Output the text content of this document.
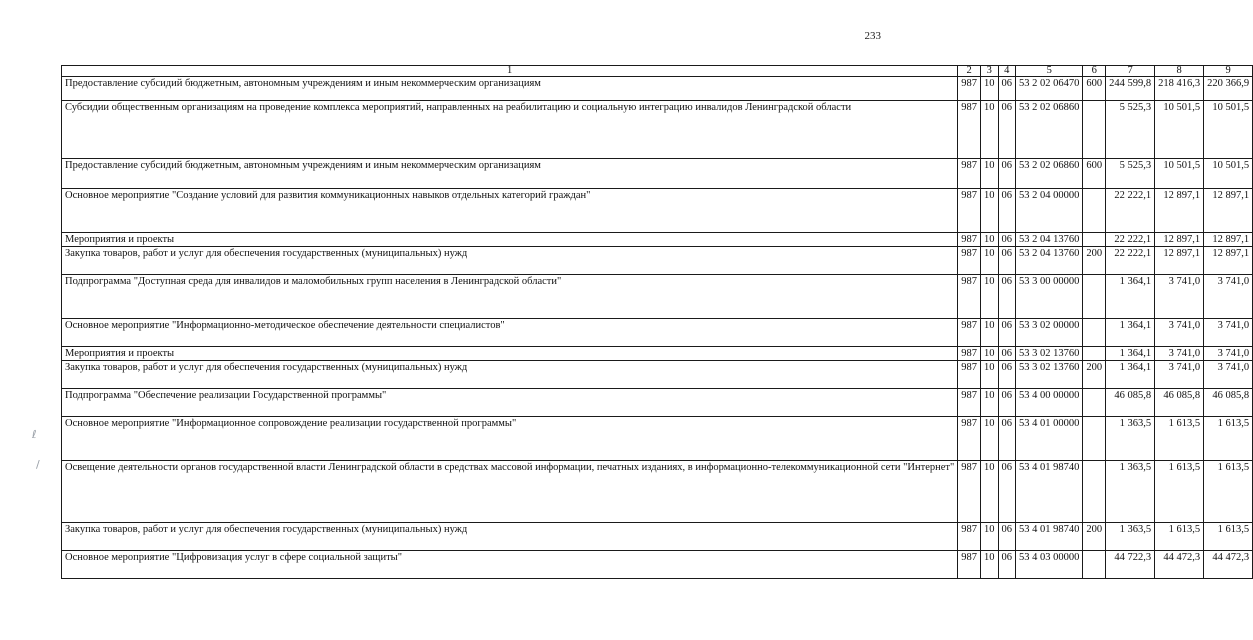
233
1	2	3	4	5	6	7	8	9
Предоставление субсидий бюджетным, автономным учреждениям и иным некоммерческим организациям	987	10	06	53 2 02 06470	600	244 599,8	218 416,3	220 366,9
Субсидии общественным организациям на проведение комплекса мероприятий, направленных на реабилитацию и социальную интеграцию инвалидов Ленинградской области	987	10	06	53 2 02 06860		5 525,3	10 501,5	10 501,5
Предоставление субсидий бюджетным, автономным учреждениям и иным некоммерческим организациям	987	10	06	53 2 02 06860	600	5 525,3	10 501,5	10 501,5
Основное мероприятие "Создание условий для развития коммуникационных навыков отдельных категорий граждан"	987	10	06	53 2 04 00000		22 222,1	12 897,1	12 897,1
Мероприятия и проекты	987	10	06	53 2 04 13760		22 222,1	12 897,1	12 897,1
Закупка товаров, работ и услуг для обеспечения государственных (муниципальных) нужд	987	10	06	53 2 04 13760	200	22 222,1	12 897,1	12 897,1
Подпрограмма "Доступная среда для инвалидов и маломобильных групп населения в Ленинградской области"	987	10	06	53 3 00 00000		1 364,1	3 741,0	3 741,0
Основное мероприятие "Информационно-методическое обеспечение деятельности специалистов"	987	10	06	53 3 02 00000		1 364,1	3 741,0	3 741,0
Мероприятия и проекты	987	10	06	53 3 02 13760		1 364,1	3 741,0	3 741,0
Закупка товаров, работ и услуг для обеспечения государственных (муниципальных) нужд	987	10	06	53 3 02 13760	200	1 364,1	3 741,0	3 741,0
Подпрограмма "Обеспечение реализации Государственной программы"	987	10	06	53 4 00 00000		46 085,8	46 085,8	46 085,8
Основное мероприятие "Информационное сопровождение реализации государственной программы"	987	10	06	53 4 01 00000		1 363,5	1 613,5	1 613,5
Освещение деятельности органов государственной власти Ленинградской области в средствах массовой информации, печатных изданиях, в информационно-телекоммуникационной сети "Интернет"	987	10	06	53 4 01 98740		1 363,5	1 613,5	1 613,5
Закупка товаров, работ и услуг для обеспечения государственных (муниципальных) нужд	987	10	06	53 4 01 98740	200	1 363,5	1 613,5	1 613,5
Основное мероприятие "Цифровизация услуг в сфере социальной защиты"	987	10	06	53 4 03 00000		44 722,3	44 472,3	44 472,3
ℓ
/
